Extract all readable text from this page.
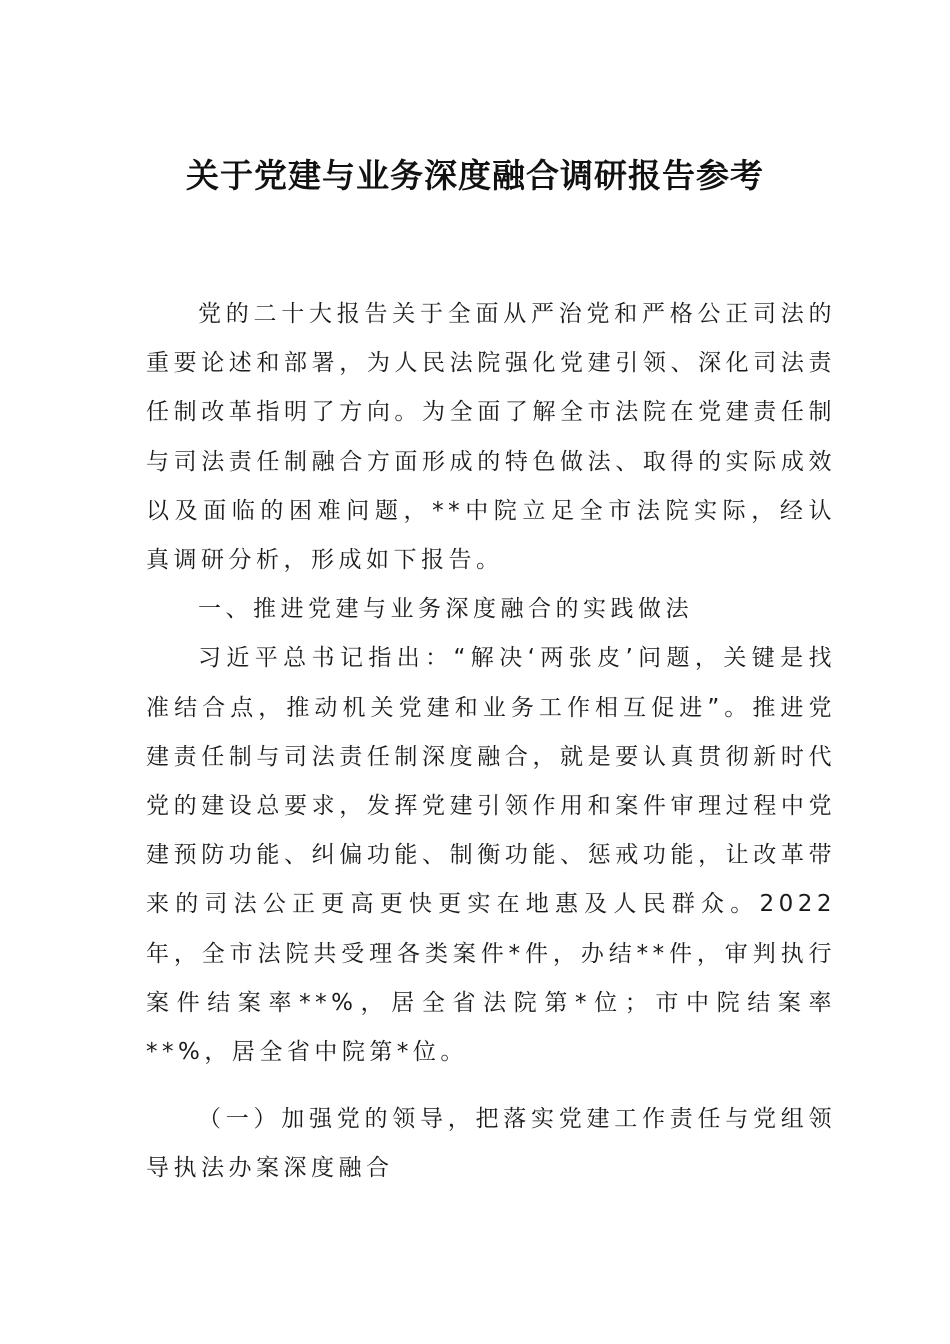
关于党建与业务深度融合调研报告参考

党的二十大报告关于全面从严治党和严格公正司法的重要论述和部署，为人民法院强化党建引领、深化司法责任制改革指明了方向。为全面了解全市法院在党建责任制与司法责任制融合方面形成的特色做法、取得的实际成效以及面临的困难问题，**中院立足全市法院实际，经认真调研分析，形成如下报告。

一、推进党建与业务深度融合的实践做法

习近平总书记指出：“解决‘两张皮’问题，关键是找准结合点，推动机关党建和业务工作相互促进”。推进党建责任制与司法责任制深度融合，就是要认真贯彻新时代党的建设总要求，发挥党建引领作用和案件审理过程中党建预防功能、纠偏功能、制衡功能、惩戒功能，让改革带来的司法公正更高更快更实在地惠及人民群众。2022年，全市法院共受理各类案件*件，办结**件，审判执行案件结案率**%，居全省法院第*位；市中院结案率**%，居全省中院第*位。

（一）加强党的领导，把落实党建工作责任与党组领导执法办案深度融合
